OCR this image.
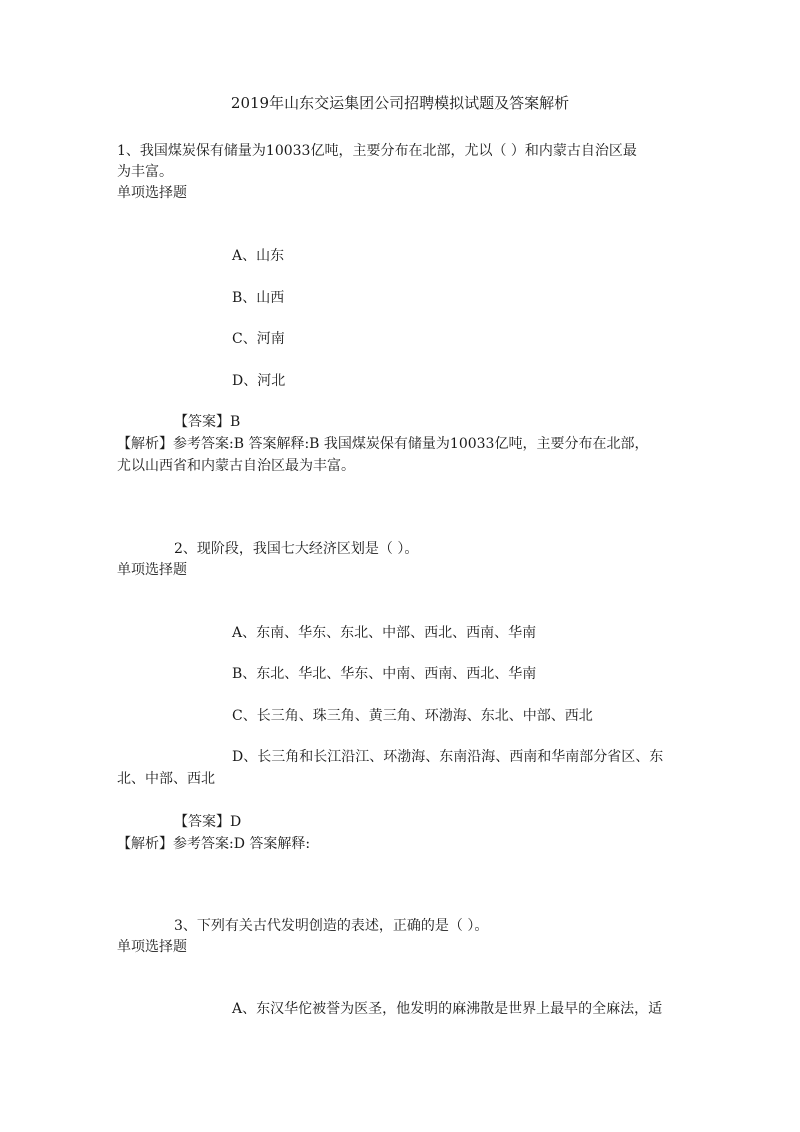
2019年山东交运集团公司招聘模拟试题及答案解析
1、我国煤炭保有储量为10033亿吨，主要分布在北部，尤以（ ）和内蒙古自治区最
为丰富。
单项选择题
A、山东
B、山西
C、河南
D、河北
【答案】B
【解析】参考答案:B 答案解释:B 我国煤炭保有储量为10033亿吨，主要分布在北部，
尤以山西省和内蒙古自治区最为丰富。
2、现阶段，我国七大经济区划是（ ）。
单项选择题
A、东南、华东、东北、中部、西北、西南、华南
B、东北、华北、华东、中南、西南、西北、华南
C、长三角、珠三角、黄三角、环渤海、东北、中部、西北
D、长三角和长江沿江、环渤海、东南沿海、西南和华南部分省区、东
北、中部、西北
【答案】D
【解析】参考答案:D 答案解释:
3、下列有关古代发明创造的表述，正确的是（ ）。
单项选择题
A、东汉华佗被誉为医圣，他发明的麻沸散是世界上最早的全麻法，适
